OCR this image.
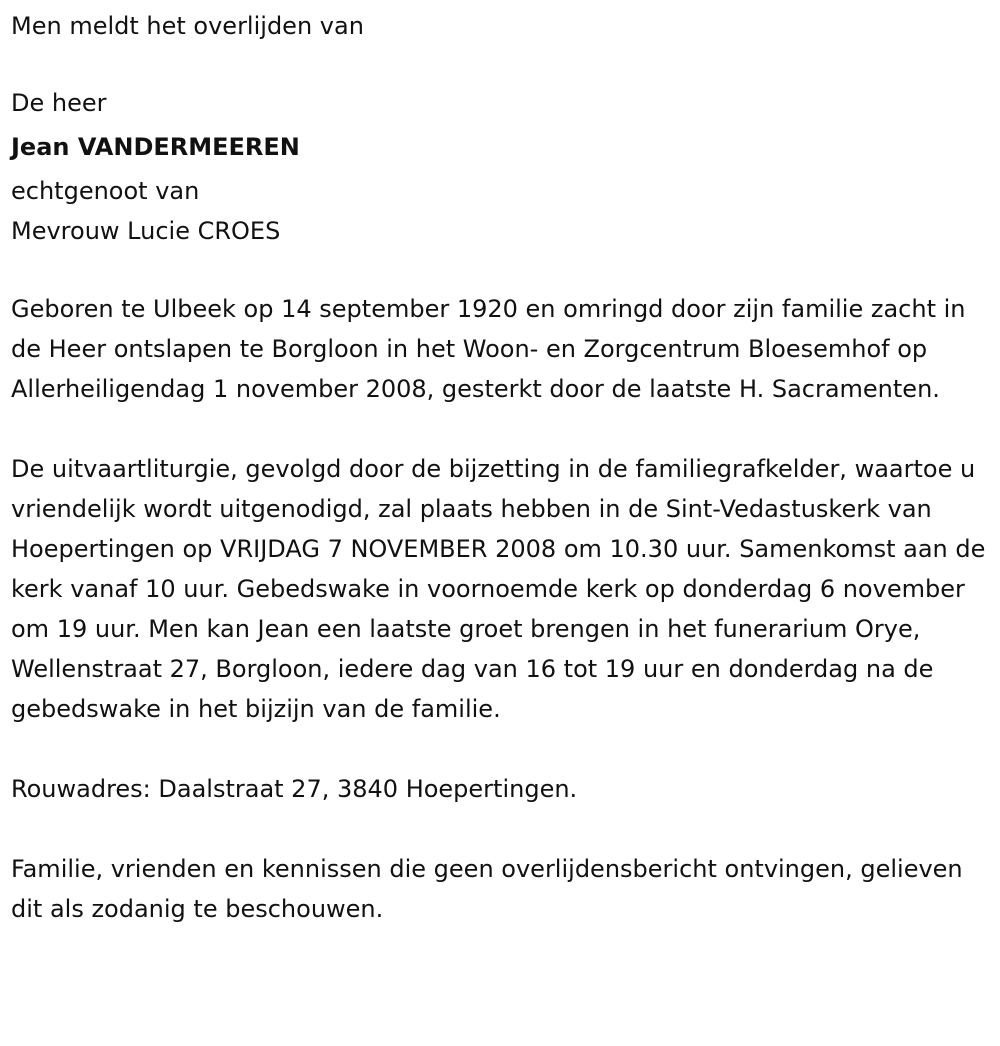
Men meldt het overlijden van
De heer
Jean VANDERMEEREN
echtgenoot van
Mevrouw Lucie CROES
Geboren te Ulbeek op 14 september 1920 en omringd door zijn familie zacht in de Heer ontslapen te Borgloon in het Woon- en Zorgcentrum Bloesemhof op Allerheiligendag 1 november 2008, gesterkt door de laatste H. Sacramenten.
De uitvaartliturgie, gevolgd door de bijzetting in de familiegrafkelder, waartoe u vriendelijk wordt uitgenodigd, zal plaats hebben in de Sint-Vedastuskerk van Hoepertingen op VRIJDAG 7 NOVEMBER 2008 om 10.30 uur. Samenkomst aan de kerk vanaf 10 uur. Gebedswake in voornoemde kerk op donderdag 6 november om 19 uur. Men kan Jean een laatste groet brengen in het funerarium Orye, Wellenstraat 27, Borgloon, iedere dag van 16 tot 19 uur en donderdag na de gebedswake in het bijzijn van de familie.
Rouwadres: Daalstraat 27, 3840 Hoepertingen.
Familie, vrienden en kennissen die geen overlijdensbericht ontvingen, gelieven dit als zodanig te beschouwen.
